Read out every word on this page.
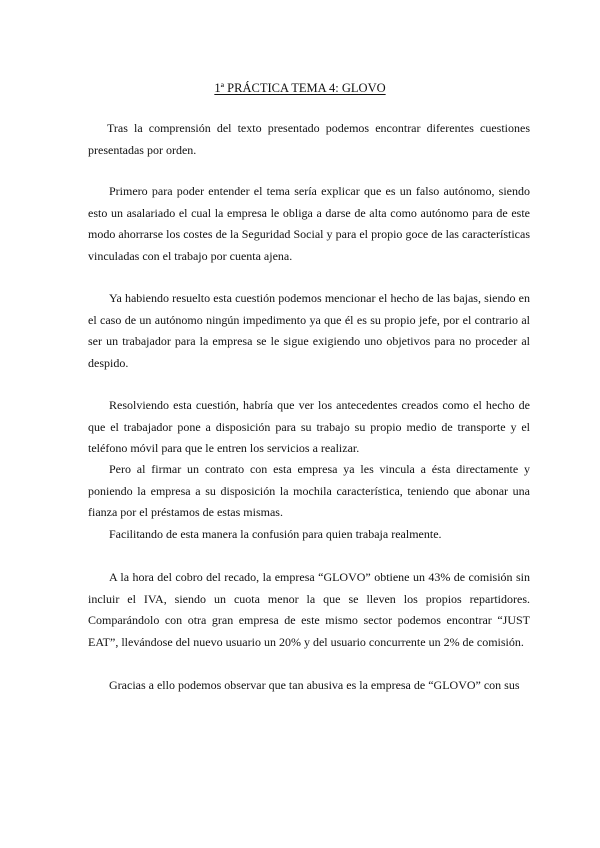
1ª PRÁCTICA TEMA 4: GLOVO

Tras la comprensión del texto presentado podemos encontrar diferentes cuestiones presentadas por orden.

Primero para poder entender el tema sería explicar que es un falso autónomo, siendo esto un asalariado el cual la empresa le obliga a darse de alta como autónomo para de este modo ahorrarse los costes de la Seguridad Social y para el propio goce de las características vinculadas con el trabajo por cuenta ajena.

Ya habiendo resuelto esta cuestión podemos mencionar el hecho de las bajas, siendo en el caso de un autónomo ningún impedimento ya que él es su propio jefe, por el contrario al ser un trabajador para la empresa se le sigue exigiendo uno objetivos para no proceder al despido.

Resolviendo esta cuestión, habría que ver los antecedentes creados como el hecho de que el trabajador pone a disposición para su trabajo su propio medio de transporte y el teléfono móvil para que le entren los servicios a realizar.

Pero al firmar un contrato con esta empresa ya les vincula a ésta directamente y poniendo la empresa a su disposición la mochila característica, teniendo que abonar una fianza por el préstamos de estas mismas.

Facilitando de esta manera la confusión para quien trabaja realmente.

A la hora del cobro del recado, la empresa “GLOVO” obtiene un 43% de comisión sin incluir el IVA, siendo un cuota menor la que se lleven los propios repartidores. Comparándolo con otra gran empresa de este mismo sector podemos encontrar “JUST EAT”, llevándose del nuevo usuario un 20% y del usuario concurrente un 2% de comisión.

Gracias a ello podemos observar que tan abusiva es la empresa de “GLOVO” con sus
